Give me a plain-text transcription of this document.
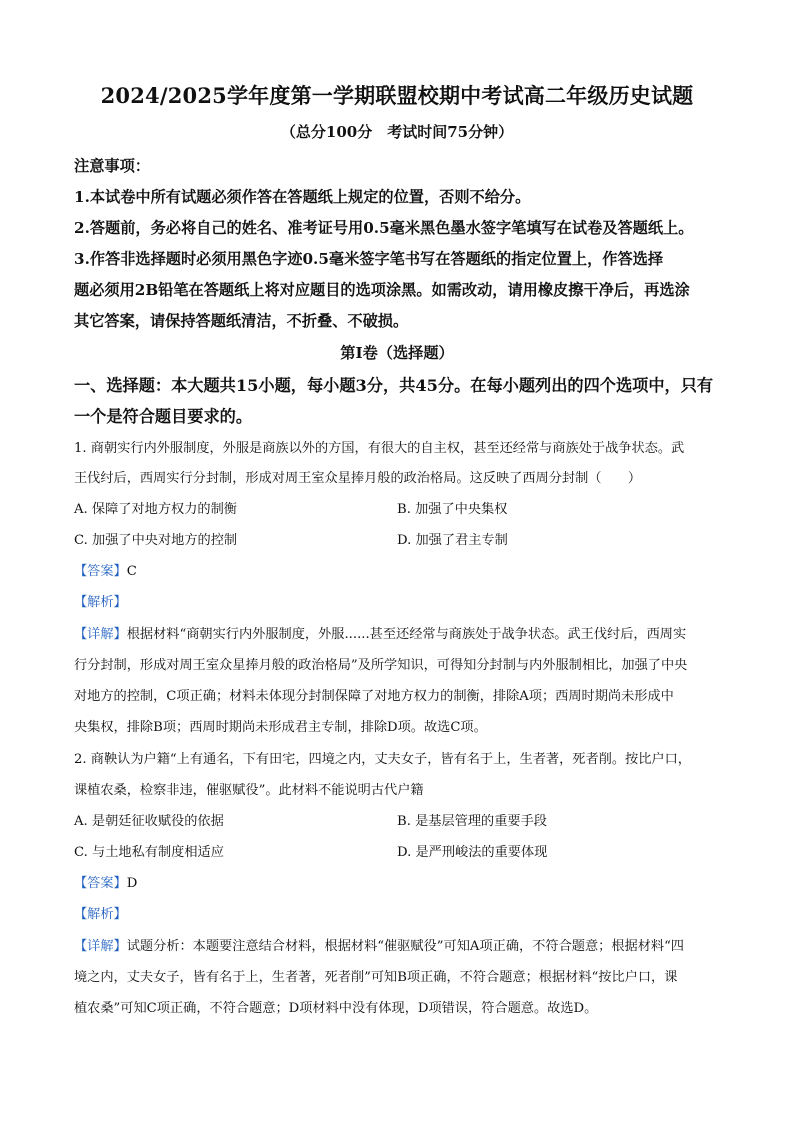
2024/2025学年度第一学期联盟校期中考试高二年级历史试题
（总分100分　考试时间75分钟）
注意事项：
1.本试卷中所有试题必须作答在答题纸上规定的位置，否则不给分。
2.答题前，务必将自己的姓名、准考证号用0.5毫米黑色墨水签字笔填写在试卷及答题纸上。
3.作答非选择题时必须用黑色字迹0.5毫米签字笔书写在答题纸的指定位置上，作答选择
题必须用2B铅笔在答题纸上将对应题目的选项涂黑。如需改动，请用橡皮擦干净后，再选涂
其它答案，请保持答题纸清洁，不折叠、不破损。
第Ⅰ卷（选择题）
一、选择题：本大题共15小题，每小题3分，共45分。在每小题列出的四个选项中，只有
一个是符合题目要求的。
1. 商朝实行内外服制度，外服是商族以外的方国，有很大的自主权，甚至还经常与商族处于战争状态。武
王伐纣后，西周实行分封制，形成对周王室众星捧月般的政治格局。这反映了西周分封制（　　）
A. 保障了对地方权力的制衡	B. 加强了中央集权
C. 加强了中央对地方的控制	D. 加强了君主专制
【答案】C
【解析】
【详解】根据材料“商朝实行内外服制度，外服......甚至还经常与商族处于战争状态。武王伐纣后，西周实
行分封制，形成对周王室众星捧月般的政治格局”及所学知识，可得知分封制与内外服制相比，加强了中央
对地方的控制，C项正确；材料未体现分封制保障了对地方权力的制衡，排除A项；西周时期尚未形成中
央集权，排除B项；西周时期尚未形成君主专制，排除D项。故选C项。
2. 商鞅认为户籍“上有通名，下有田宅，四境之内，丈夫女子，皆有名于上，生者著，死者削。按比户口，
课植农桑，检察非违，催驱赋役”。此材料不能说明古代户籍
A. 是朝廷征收赋役的依据	B. 是基层管理的重要手段
C. 与土地私有制度相适应	D. 是严刑峻法的重要体现
【答案】D
【解析】
【详解】试题分析：本题要注意结合材料，根据材料“催驱赋役”可知A项正确，不符合题意；根据材料“四
境之内，丈夫女子，皆有名于上，生者著，死者削”可知B项正确，不符合题意；根据材料“按比户口，课
植农桑”可知C项正确，不符合题意；D项材料中没有体现，D项错误，符合题意。故选D。
